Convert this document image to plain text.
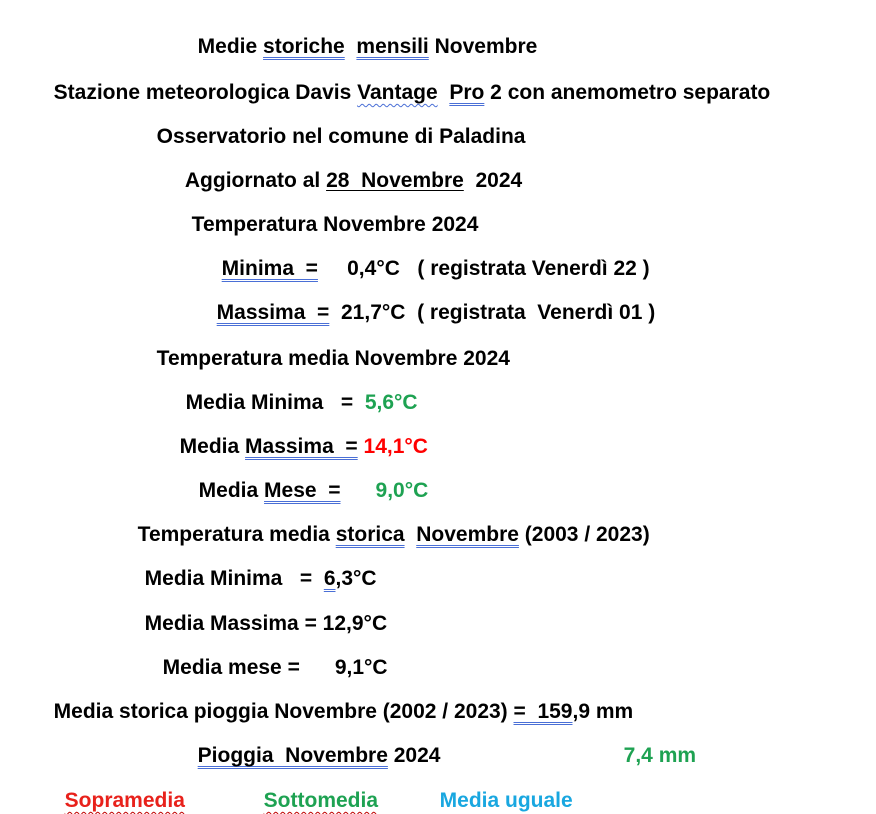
Medie storiche mensili Novembre

Stazione meteorologica Davis Vantage Pro 2 con anemometro separato

Osservatorio nel comune di Paladina

Aggiornato al 28  Novembre  2024

Temperatura Novembre 2024

Minima  =     0,4°C   ( registrata Venerdì 22 )

Massima  =  21,7°C  ( registrata  Venerdì 01 )

Temperatura media Novembre 2024

Media Minima   =  5,6°C

Media Massima  = 14,1°C

Media Mese  = 9,0°C

Temperatura media storica Novembre (2003 / 2023)

Media Minima   =  6,3°C

Media Massima = 12,9°C

Media mese =      9,1°C

Media storica pioggia Novembre (2002 / 2023) =  159,9 mm

Pioggia  Novembre 2024	7,4 mm

Sopramedia	Sottomedia	Media uguale
